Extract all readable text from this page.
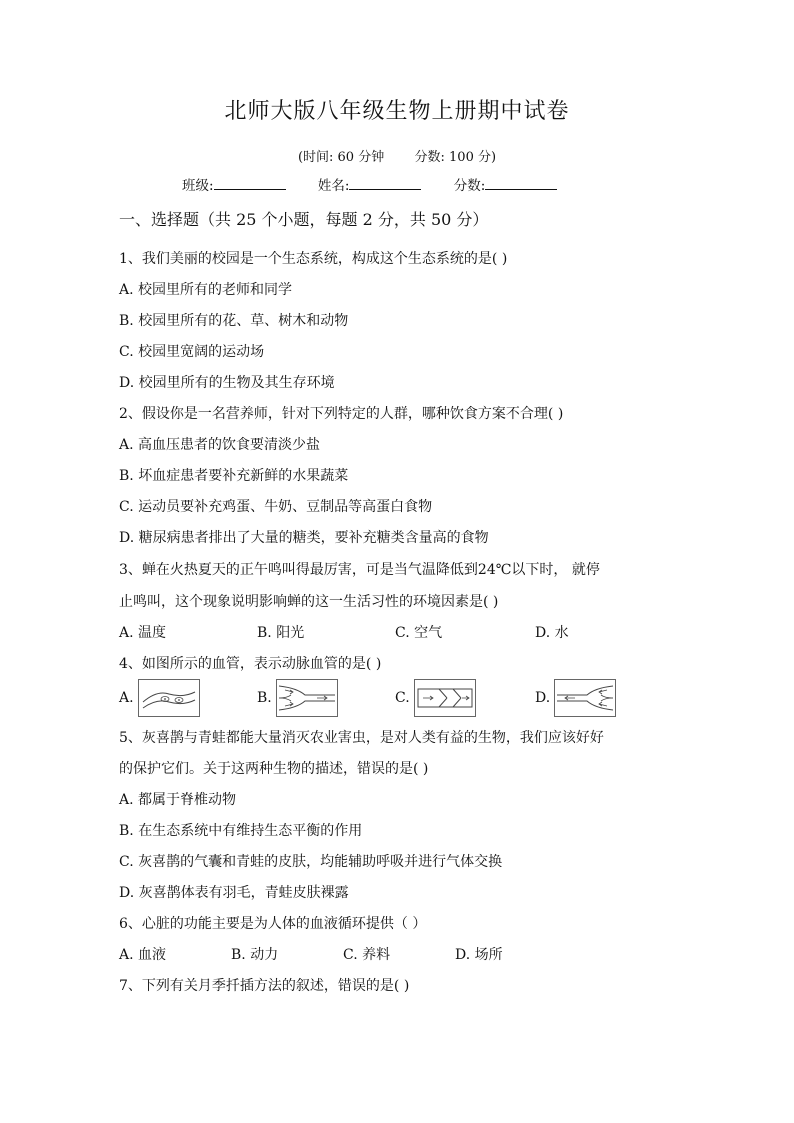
北师大版八年级生物上册期中试卷
(时间: 60 分钟 分数: 100 分)
班级:	姓名:	分数:
一、选择题（共 25 个小题，每题 2 分，共 50 分）
1、我们美丽的校园是一个生态系统，构成这个生态系统的是( )
A. 校园里所有的老师和同学
B. 校园里所有的花、草、树木和动物
C. 校园里宽阔的运动场
D. 校园里所有的生物及其生存环境
2、假设你是一名营养师，针对下列特定的人群，哪种饮食方案不合理( )
A. 高血压患者的饮食要清淡少盐
B. 坏血症患者要补充新鲜的水果蔬菜
C. 运动员要补充鸡蛋、牛奶、豆制品等高蛋白食物
D. 糖尿病患者排出了大量的糖类，要补充糖类含量高的食物
3、蝉在火热夏天的正午鸣叫得最厉害，可是当气温降低到24℃以下时， 就停
止鸣叫，这个现象说明影响蝉的这一生活习性的环境因素是( )
A. 温度	B. 阳光	C. 空气	D. 水
4、如图所示的血管，表示动脉血管的是( )
A.	B.	C.	D.
5、灰喜鹊与青蛙都能大量消灭农业害虫，是对人类有益的生物，我们应该好好
的保护它们。关于这两种生物的描述，错误的是( )
A. 都属于脊椎动物
B. 在生态系统中有维持生态平衡的作用
C. 灰喜鹊的气囊和青蛙的皮肤，均能辅助呼吸并进行气体交换
D. 灰喜鹊体表有羽毛，青蛙皮肤裸露
6、心脏的功能主要是为人体的血液循环提供（ ）
A. 血液	B. 动力	C. 养料	D. 场所
7、下列有关月季扦插方法的叙述，错误的是( )
